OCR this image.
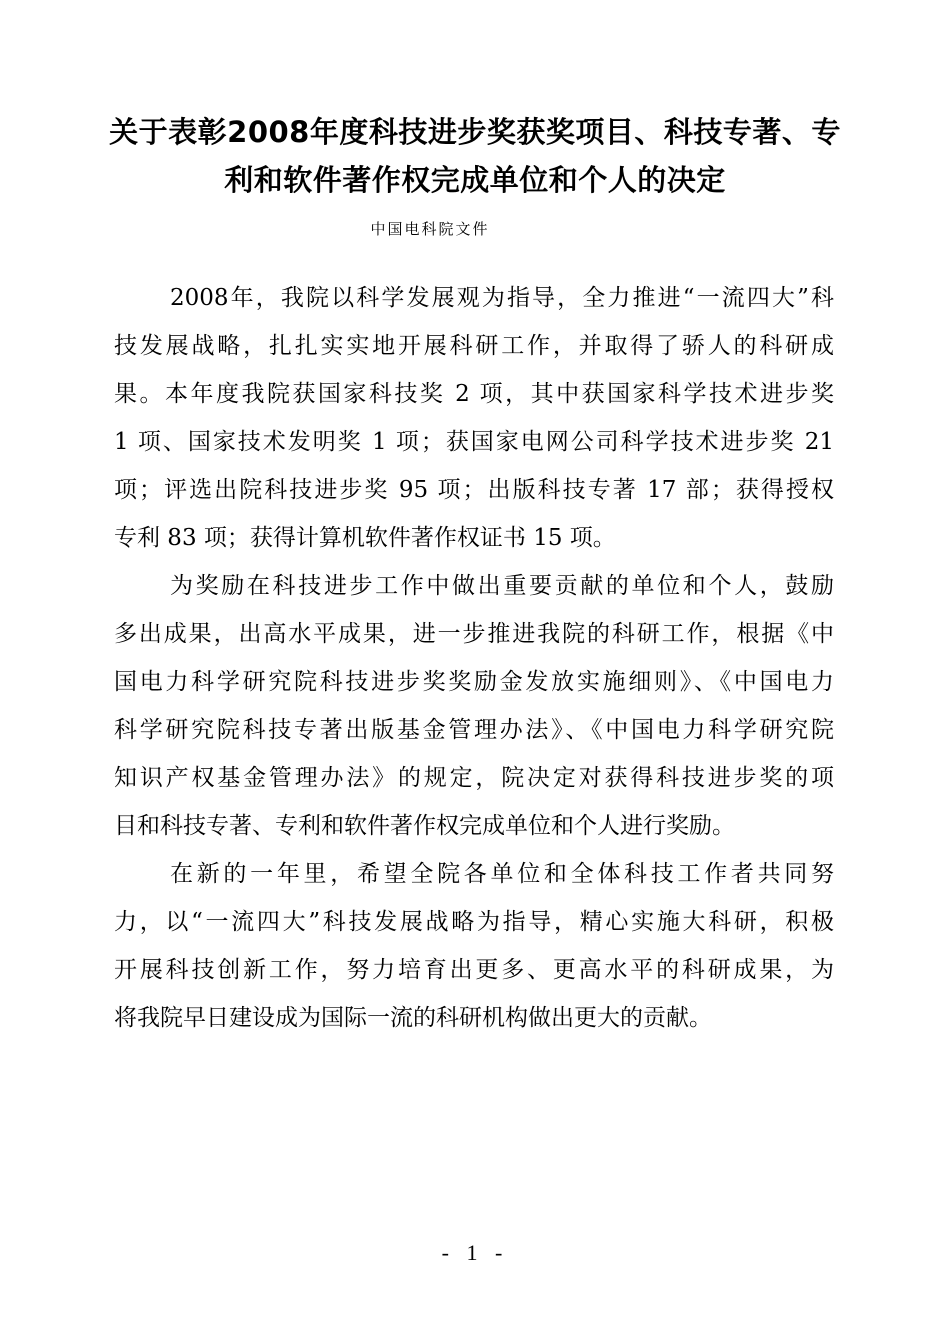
关于表彰2008年度科技进步奖获奖项目、科技专著、专
利和软件著作权完成单位和个人的决定
中国电科院文件
2008年，我院以科学发展观为指导，全力推进“一流四大”科
技发展战略，扎扎实实地开展科研工作，并取得了骄人的科研成
果。本年度我院获国家科技奖 2 项，其中获国家科学技术进步奖
1 项、国家技术发明奖 1 项；获国家电网公司科学技术进步奖 21
项；评选出院科技进步奖 95 项；出版科技专著 17 部；获得授权
专利 83 项；获得计算机软件著作权证书 15 项。
为奖励在科技进步工作中做出重要贡献的单位和个人，鼓励
多出成果，出高水平成果，进一步推进我院的科研工作，根据《中
国电力科学研究院科技进步奖奖励金发放实施细则》、《中国电力
科学研究院科技专著出版基金管理办法》、《中国电力科学研究院
知识产权基金管理办法》的规定，院决定对获得科技进步奖的项
目和科技专著、专利和软件著作权完成单位和个人进行奖励。
在新的一年里，希望全院各单位和全体科技工作者共同努
力，以“一流四大”科技发展战略为指导，精心实施大科研，积极
开展科技创新工作，努力培育出更多、更高水平的科研成果，为
将我院早日建设成为国际一流的科研机构做出更大的贡献。
- 1 -
